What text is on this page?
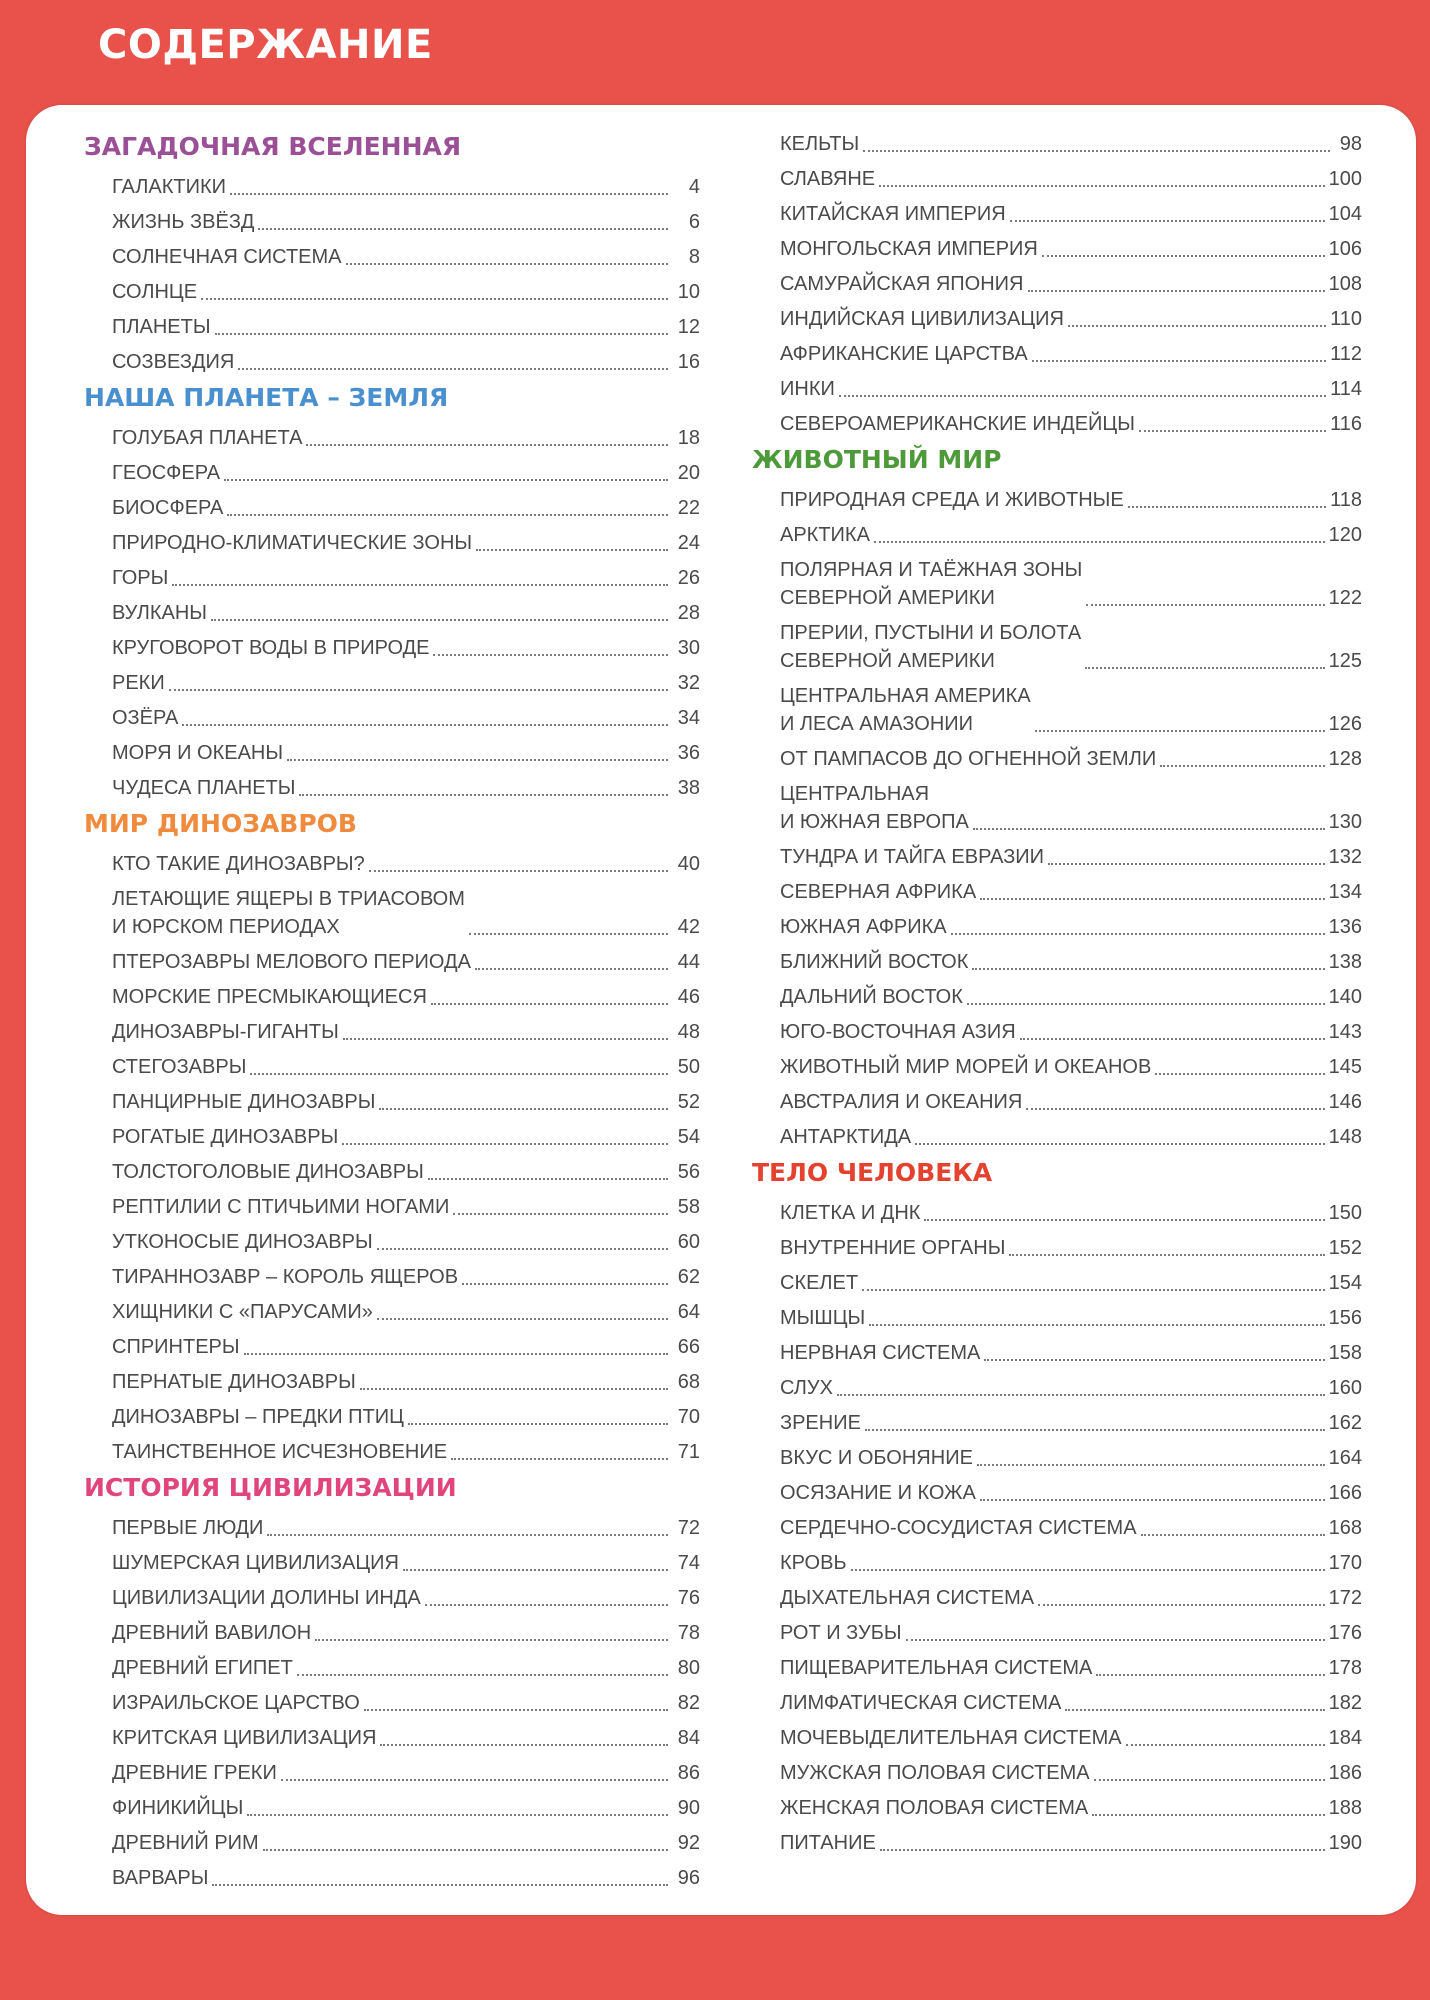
СОДЕРЖАНИЕ
ЗАГАДОЧНАЯ ВСЕЛЕННАЯ
ГАЛАКТИКИ	4
ЖИЗНЬ ЗВЁЗД	6
СОЛНЕЧНАЯ СИСТЕМА	8
СОЛНЦЕ	10
ПЛАНЕТЫ	12
СОЗВЕЗДИЯ	16
НАША ПЛАНЕТА – ЗЕМЛЯ
ГОЛУБАЯ ПЛАНЕТА	18
ГЕОСФЕРА	20
БИОСФЕРА	22
ПРИРОДНО-КЛИМАТИЧЕСКИЕ ЗОНЫ	24
ГОРЫ	26
ВУЛКАНЫ	28
КРУГОВОРОТ ВОДЫ В ПРИРОДЕ	30
РЕКИ	32
ОЗЁРА	34
МОРЯ И ОКЕАНЫ	36
ЧУДЕСА ПЛАНЕТЫ	38
МИР ДИНОЗАВРОВ
КТО ТАКИЕ ДИНОЗАВРЫ?	40
ЛЕТАЮЩИЕ ЯЩЕРЫ В ТРИАСОВОМ
И ЮРСКОМ ПЕРИОДАХ	42
ПТЕРОЗАВРЫ МЕЛОВОГО ПЕРИОДА	44
МОРСКИЕ ПРЕСМЫКАЮЩИЕСЯ	46
ДИНОЗАВРЫ-ГИГАНТЫ	48
СТЕГОЗАВРЫ	50
ПАНЦИРНЫЕ ДИНОЗАВРЫ	52
РОГАТЫЕ ДИНОЗАВРЫ	54
ТОЛСТОГОЛОВЫЕ ДИНОЗАВРЫ	56
РЕПТИЛИИ С ПТИЧЬИМИ НОГАМИ	58
УТКОНОСЫЕ ДИНОЗАВРЫ	60
ТИРАННОЗАВР – КОРОЛЬ ЯЩЕРОВ	62
ХИЩНИКИ С «ПАРУСАМИ»	64
СПРИНТЕРЫ	66
ПЕРНАТЫЕ ДИНОЗАВРЫ	68
ДИНОЗАВРЫ – ПРЕДКИ ПТИЦ	70
ТАИНСТВЕННОЕ ИСЧЕЗНОВЕНИЕ	71
ИСТОРИЯ ЦИВИЛИЗАЦИИ
ПЕРВЫЕ ЛЮДИ	72
ШУМЕРСКАЯ ЦИВИЛИЗАЦИЯ	74
ЦИВИЛИЗАЦИИ ДОЛИНЫ ИНДА	76
ДРЕВНИЙ ВАВИЛОН	78
ДРЕВНИЙ ЕГИПЕТ	80
ИЗРАИЛЬСКОЕ ЦАРСТВО	82
КРИТСКАЯ ЦИВИЛИЗАЦИЯ	84
ДРЕВНИЕ ГРЕКИ	86
ФИНИКИЙЦЫ	90
ДРЕВНИЙ РИМ	92
ВАРВАРЫ	96
КЕЛЬТЫ	98
СЛАВЯНЕ	100
КИТАЙСКАЯ ИМПЕРИЯ	104
МОНГОЛЬСКАЯ ИМПЕРИЯ	106
САМУРАЙСКАЯ ЯПОНИЯ	108
ИНДИЙСКАЯ ЦИВИЛИЗАЦИЯ	110
АФРИКАНСКИЕ ЦАРСТВА	112
ИНКИ	114
СЕВЕРОАМЕРИКАНСКИЕ ИНДЕЙЦЫ	116
ЖИВОТНЫЙ МИР
ПРИРОДНАЯ СРЕДА И ЖИВОТНЫЕ	118
АРКТИКА	120
ПОЛЯРНАЯ И ТАЁЖНАЯ ЗОНЫ
СЕВЕРНОЙ АМЕРИКИ	122
ПРЕРИИ, ПУСТЫНИ И БОЛОТА
СЕВЕРНОЙ АМЕРИКИ	125
ЦЕНТРАЛЬНАЯ АМЕРИКА
И ЛЕСА АМАЗОНИИ	126
ОТ ПАМПАСОВ ДО ОГНЕННОЙ ЗЕМЛИ	128
ЦЕНТРАЛЬНАЯ
И ЮЖНАЯ ЕВРОПА	130
ТУНДРА И ТАЙГА ЕВРАЗИИ	132
СЕВЕРНАЯ АФРИКА	134
ЮЖНАЯ АФРИКА	136
БЛИЖНИЙ ВОСТОК	138
ДАЛЬНИЙ ВОСТОК	140
ЮГО-ВОСТОЧНАЯ АЗИЯ	143
ЖИВОТНЫЙ МИР МОРЕЙ И ОКЕАНОВ	145
АВСТРАЛИЯ И ОКЕАНИЯ	146
АНТАРКТИДА	148
ТЕЛО ЧЕЛОВЕКА
КЛЕТКА И ДНК	150
ВНУТРЕННИЕ ОРГАНЫ	152
СКЕЛЕТ	154
МЫШЦЫ	156
НЕРВНАЯ СИСТЕМА	158
СЛУХ	160
ЗРЕНИЕ	162
ВКУС И ОБОНЯНИЕ	164
ОСЯЗАНИЕ И КОЖА	166
СЕРДЕЧНО-СОСУДИСТАЯ СИСТЕМА	168
КРОВЬ	170
ДЫХАТЕЛЬНАЯ СИСТЕМА	172
РОТ И ЗУБЫ	176
ПИЩЕВАРИТЕЛЬНАЯ СИСТЕМА	178
ЛИМФАТИЧЕСКАЯ СИСТЕМА	182
МОЧЕВЫДЕЛИТЕЛЬНАЯ СИСТЕМА	184
МУЖСКАЯ ПОЛОВАЯ СИСТЕМА	186
ЖЕНСКАЯ ПОЛОВАЯ СИСТЕМА	188
ПИТАНИЕ	190
